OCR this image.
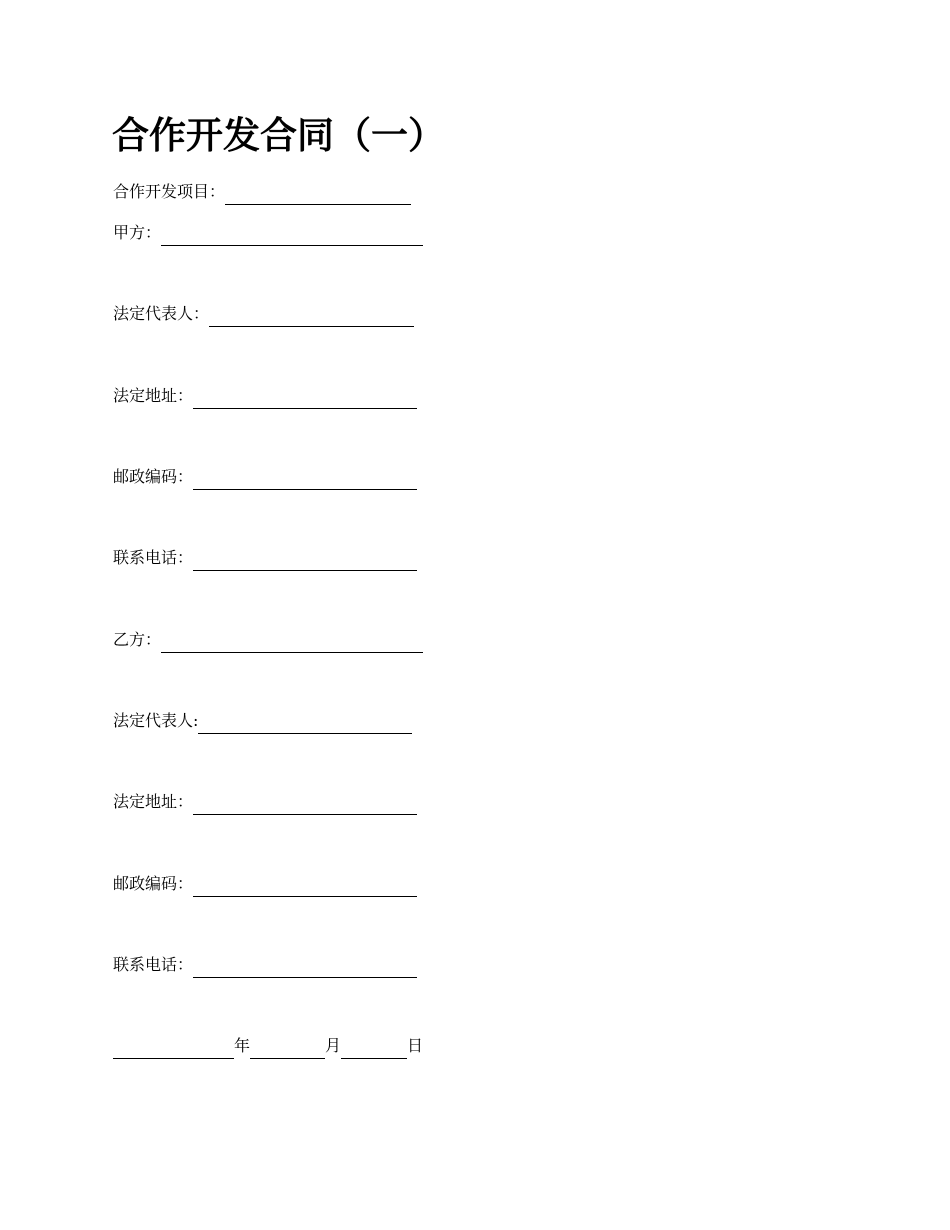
合作开发合同（一）
合作开发项目：
甲方：
法定代表人：
法定地址：
邮政编码：
联系电话：
乙方：
法定代表人:
法定地址：
邮政编码：
联系电话：
年	月	日
